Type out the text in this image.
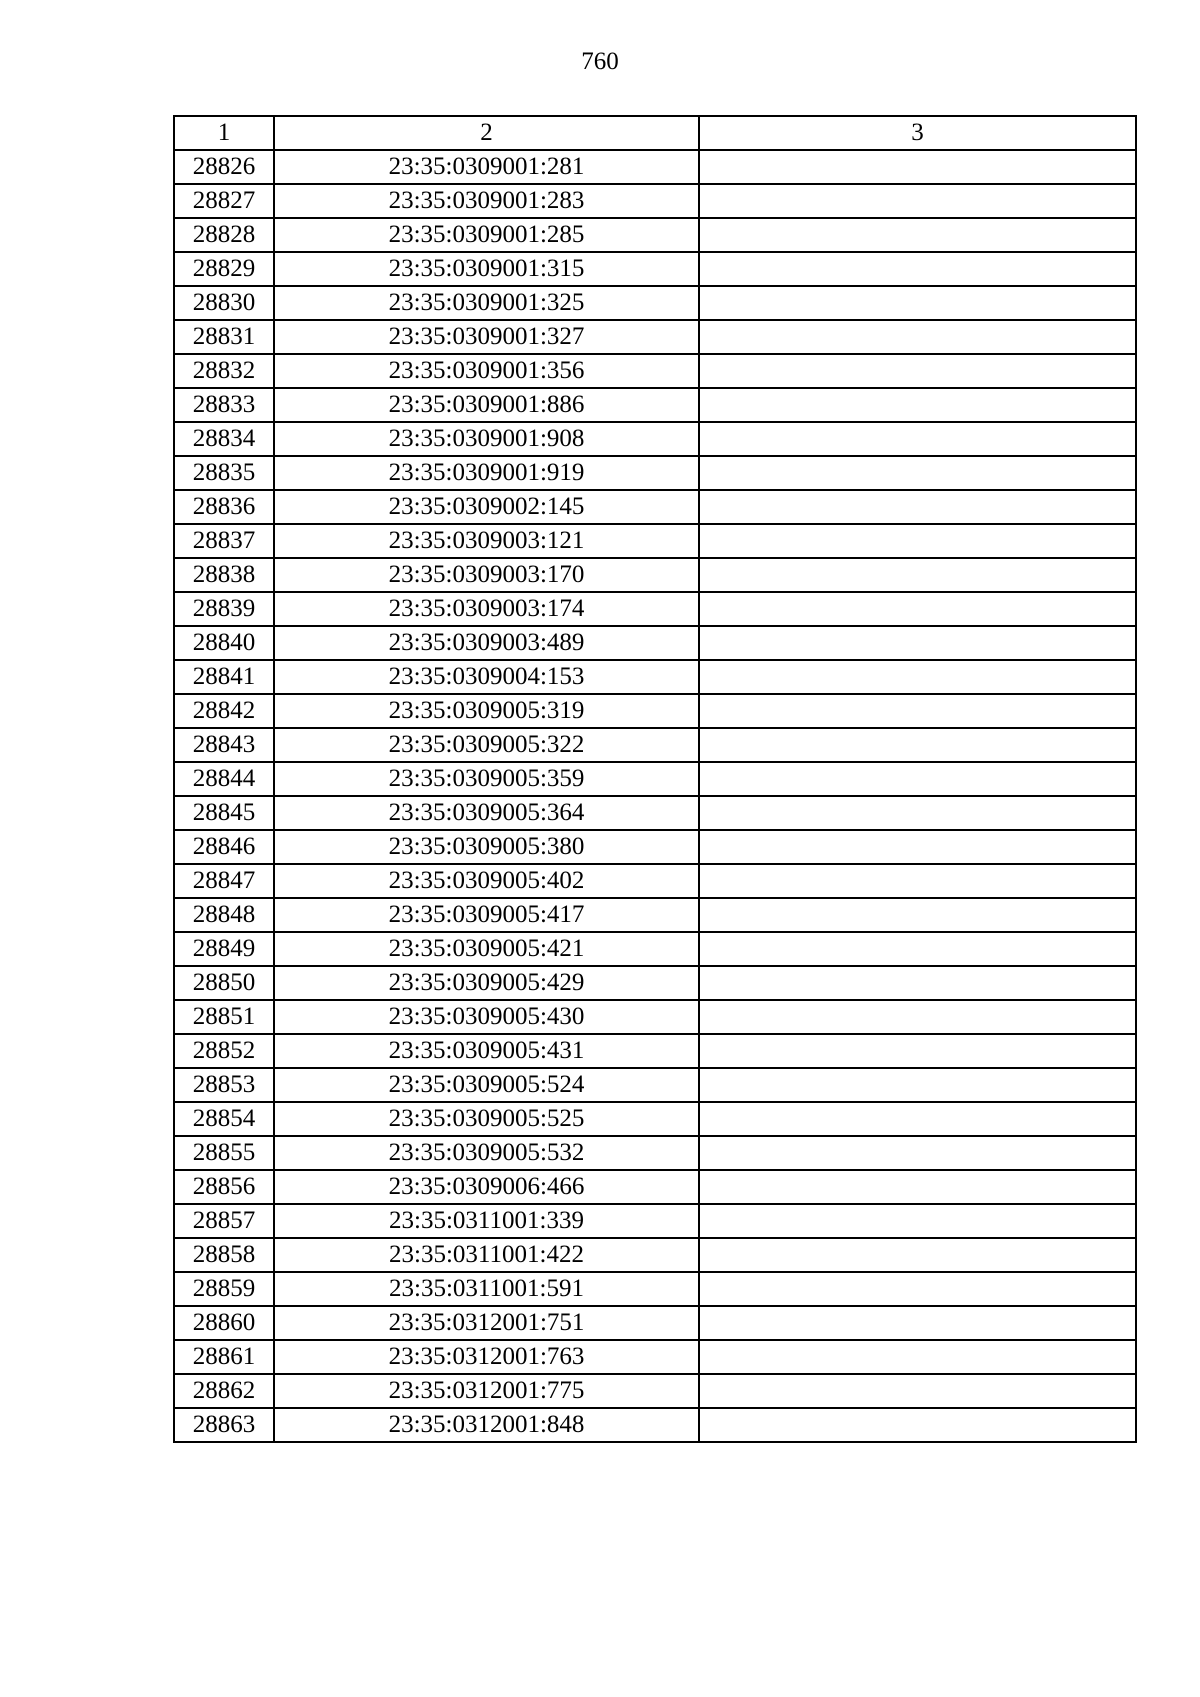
760
1	2	3
28826	23:35:0309001:281	
28827	23:35:0309001:283	
28828	23:35:0309001:285	
28829	23:35:0309001:315	
28830	23:35:0309001:325	
28831	23:35:0309001:327	
28832	23:35:0309001:356	
28833	23:35:0309001:886	
28834	23:35:0309001:908	
28835	23:35:0309001:919	
28836	23:35:0309002:145	
28837	23:35:0309003:121	
28838	23:35:0309003:170	
28839	23:35:0309003:174	
28840	23:35:0309003:489	
28841	23:35:0309004:153	
28842	23:35:0309005:319	
28843	23:35:0309005:322	
28844	23:35:0309005:359	
28845	23:35:0309005:364	
28846	23:35:0309005:380	
28847	23:35:0309005:402	
28848	23:35:0309005:417	
28849	23:35:0309005:421	
28850	23:35:0309005:429	
28851	23:35:0309005:430	
28852	23:35:0309005:431	
28853	23:35:0309005:524	
28854	23:35:0309005:525	
28855	23:35:0309005:532	
28856	23:35:0309006:466	
28857	23:35:0311001:339	
28858	23:35:0311001:422	
28859	23:35:0311001:591	
28860	23:35:0312001:751	
28861	23:35:0312001:763	
28862	23:35:0312001:775	
28863	23:35:0312001:848	
